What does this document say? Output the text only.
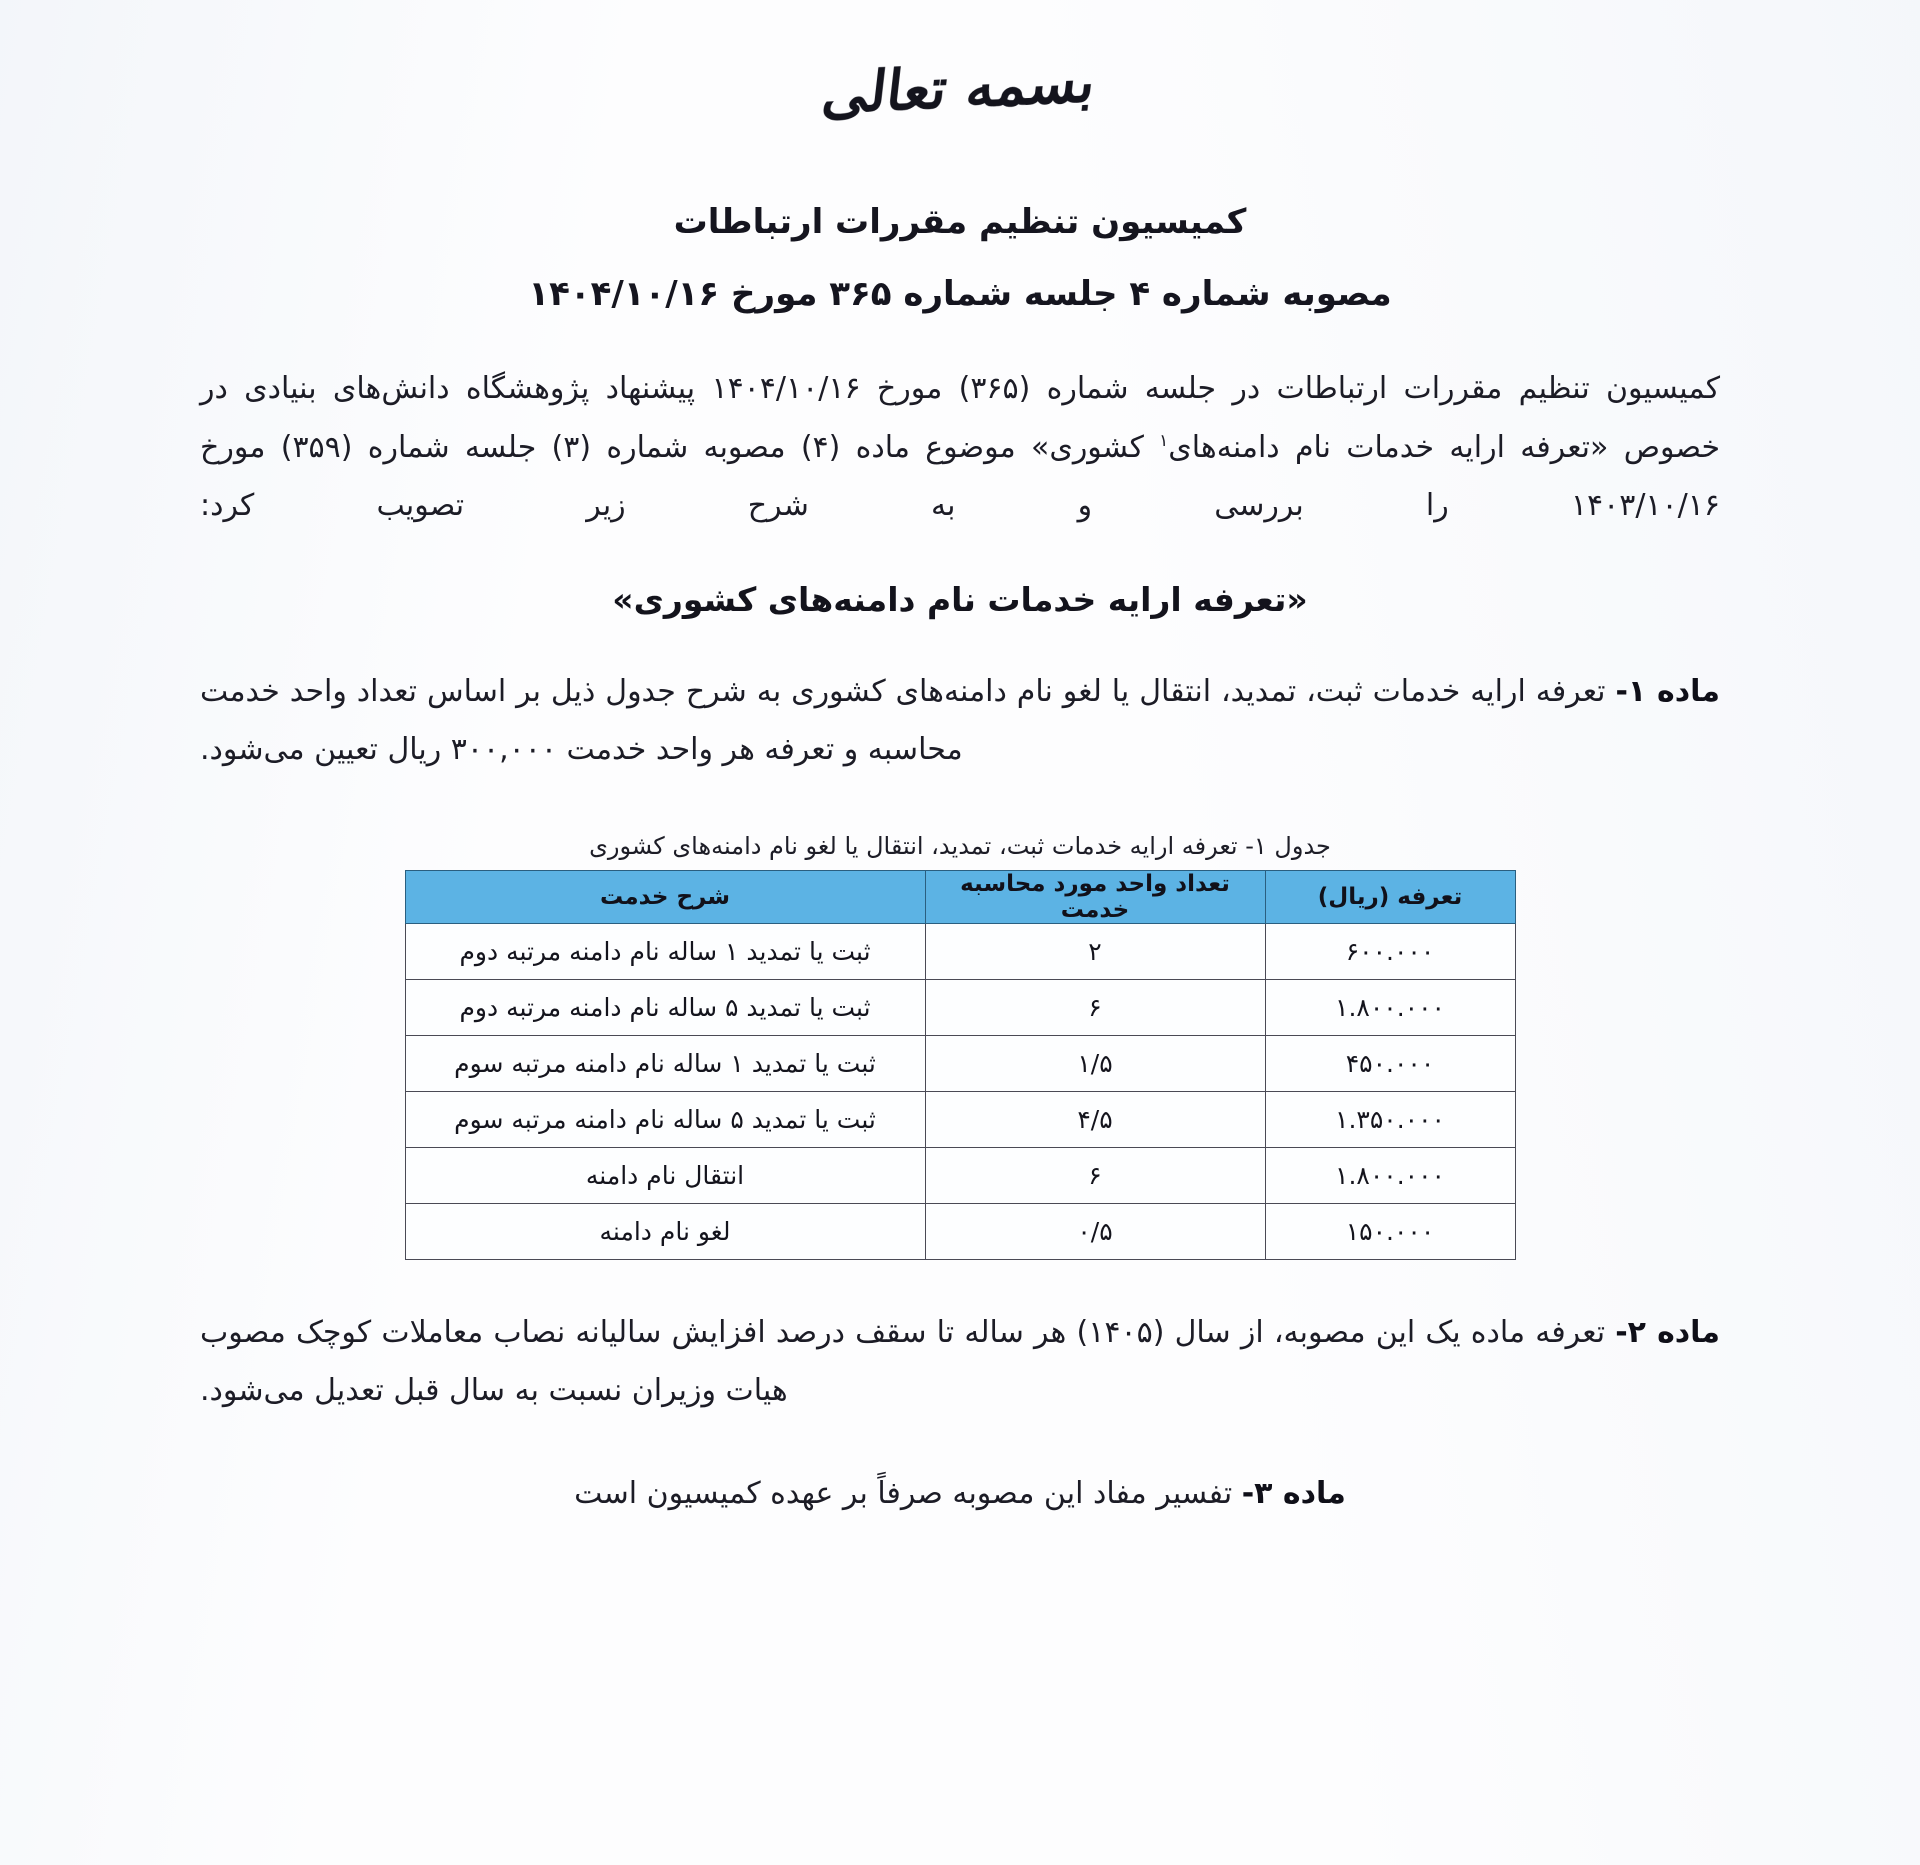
بسمه تعالی
کمیسیون تنظیم مقررات ارتباطات
مصوبه شماره ۴ جلسه شماره ۳۶۵ مورخ ۱۴۰۴/۱۰/۱۶
کمیسیون تنظیم مقررات ارتباطات در جلسه شماره (۳۶۵) مورخ ۱۴۰۴/۱۰/۱۶ پیشنهاد پژوهشگاه دانش‌های بنیادی در خصوص «تعرفه ارایه خدمات نام دامنه‌های$^۱$ کشوری» موضوع ماده (۴) مصوبه شماره (۳) جلسه شماره (۳۵۹) مورخ ۱۴۰۳/۱۰/۱۶ را بررسی و به شرح زیر تصویب کرد:
«تعرفه ارایه خدمات نام دامنه‌های کشوری»
ماده ۱- تعرفه ارایه خدمات ثبت، تمدید، انتقال یا لغو نام دامنه‌های کشوری به شرح جدول ذیل بر اساس تعداد واحد خدمت محاسبه و تعرفه هر واحد خدمت ۳۰۰,۰۰۰ ریال تعیین می‌شود.
جدول ۱- تعرفه ارایه خدمات ثبت، تمدید، انتقال یا لغو نام دامنه‌های کشوری
تعرفه (ریال)	تعداد واحد مورد محاسبه خدمت	شرح خدمت
۶۰۰.۰۰۰	۲	ثبت یا تمدید ۱ ساله نام دامنه مرتبه دوم
۱.۸۰۰.۰۰۰	۶	ثبت یا تمدید ۵ ساله نام دامنه مرتبه دوم
۴۵۰.۰۰۰	۱/۵	ثبت یا تمدید ۱ ساله نام دامنه مرتبه سوم
۱.۳۵۰.۰۰۰	۴/۵	ثبت یا تمدید ۵ ساله نام دامنه مرتبه سوم
۱.۸۰۰.۰۰۰	۶	انتقال نام دامنه
۱۵۰.۰۰۰	۰/۵	لغو نام دامنه
ماده ۲- تعرفه ماده یک این مصوبه، از سال (۱۴۰۵) هر ساله تا سقف درصد افزایش سالیانه نصاب معاملات کوچک مصوب هیات وزیران نسبت به سال قبل تعدیل می‌شود.
ماده ۳- تفسیر مفاد این مصوبه صرفاً بر عهده کمیسیون است
